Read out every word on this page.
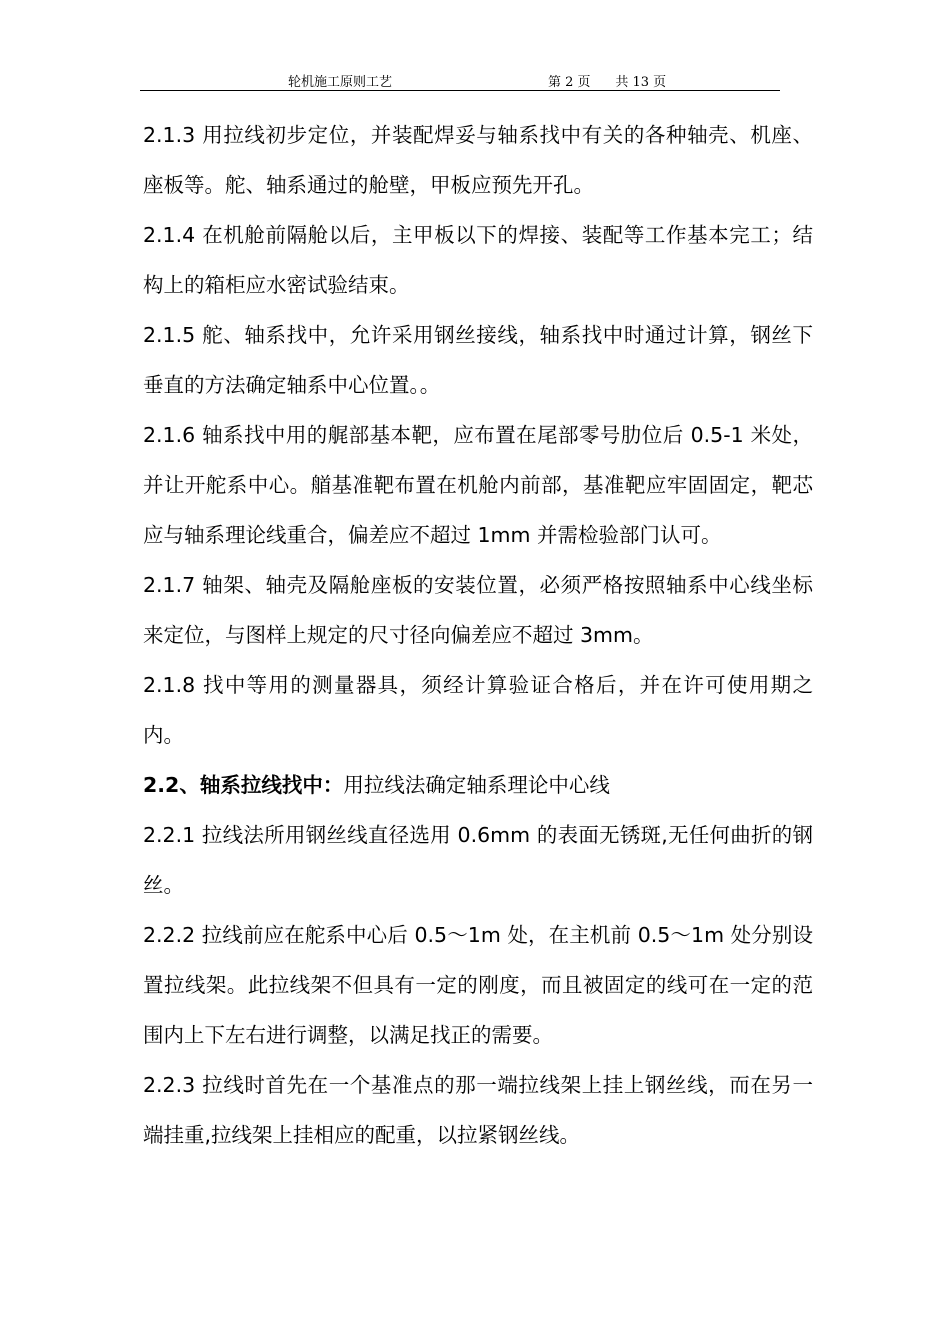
轮机施工原则工艺	第 2 页      共 13 页

2.1.3 用拉线初步定位，并装配焊妥与轴系找中有关的各种轴壳、机座、座板等。舵、轴系通过的舱壁，甲板应预先开孔。

2.1.4 在机舱前隔舱以后，主甲板以下的焊接、装配等工作基本完工；结构上的箱柜应水密试验结束。

2.1.5 舵、轴系找中，允许采用钢丝接线，轴系找中时通过计算，钢丝下垂直的方法确定轴系中心位置。。

2.1.6 轴系找中用的艉部基本靶，应布置在尾部零号肋位后 0.5-1 米处，并让开舵系中心。艏基准靶布置在机舱内前部，基准靶应牢固固定，靶芯应与轴系理论线重合，偏差应不超过 1mm 并需检验部门认可。

2.1.7 轴架、轴壳及隔舱座板的安装位置，必须严格按照轴系中心线坐标来定位，与图样上规定的尺寸径向偏差应不超过 3mm。

2.1.8 找中等用的测量器具，须经计算验证合格后，并在许可使用期之内。

2.2、轴系拉线找中：用拉线法确定轴系理论中心线

2.2.1 拉线法所用钢丝线直径选用 0.6mm 的表面无锈斑,无任何曲折的钢丝。

2.2.2 拉线前应在舵系中心后 0.5～1m 处，在主机前 0.5～1m 处分别设置拉线架。此拉线架不但具有一定的刚度，而且被固定的线可在一定的范围内上下左右进行调整，以满足找正的需要。

2.2.3 拉线时首先在一个基准点的那一端拉线架上挂上钢丝线，而在另一端挂重,拉线架上挂相应的配重，以拉紧钢丝线。
